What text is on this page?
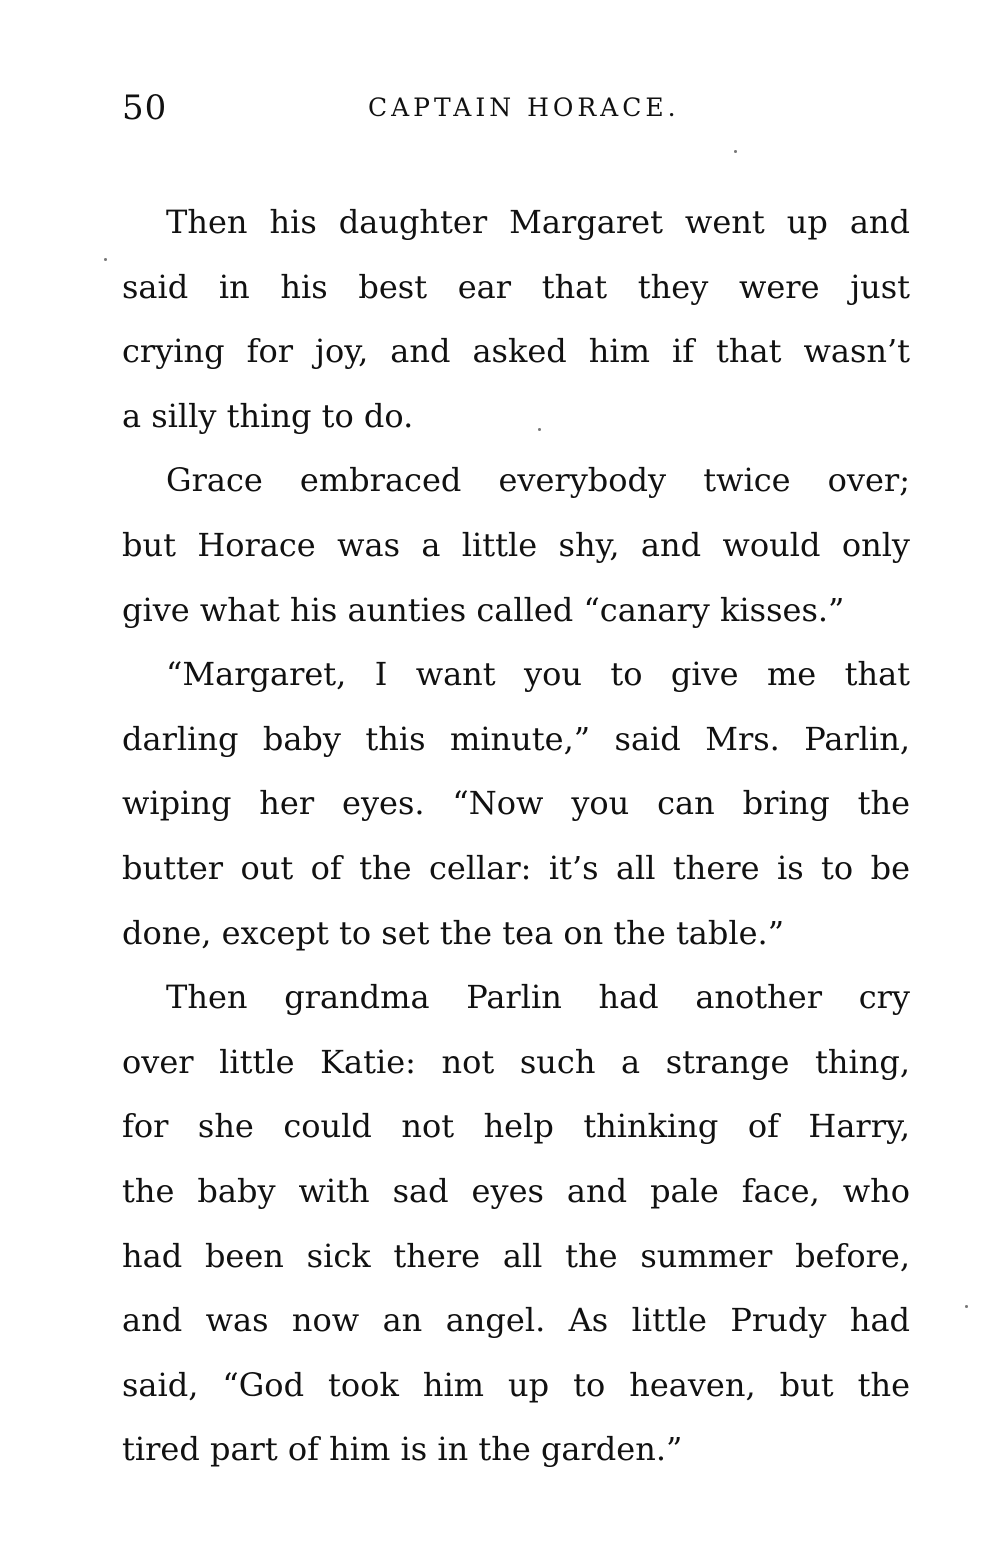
50	CAPTAIN HORACE.

Then his daughter Margaret went up and
said in his best ear that they were just
crying for joy, and asked him if that wasn’t
a silly thing to do.

Grace embraced everybody twice over;
but Horace was a little shy, and would only
give what his aunties called “canary kisses.”

“Margaret, I want you to give me that
darling baby this minute,” said Mrs. Parlin,
wiping her eyes. “Now you can bring the
butter out of the cellar: it’s all there is to be
done, except to set the tea on the table.”

Then grandma Parlin had another cry
over little Katie: not such a strange thing,
for she could not help thinking of Harry,
the baby with sad eyes and pale face, who
had been sick there all the summer before,
and was now an angel. As little Prudy had
said, “God took him up to heaven, but the
tired part of him is in the garden.”
